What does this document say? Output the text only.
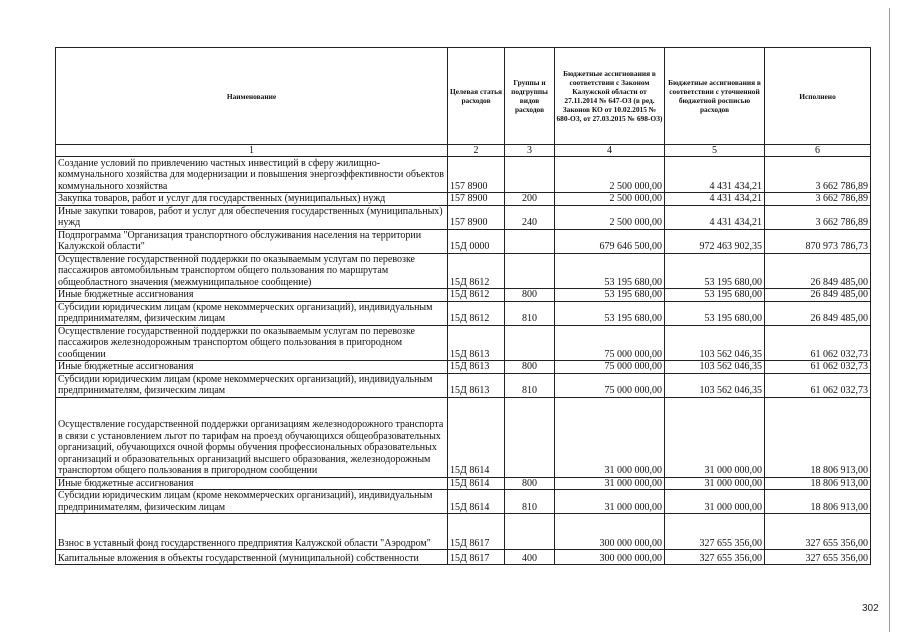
Наименование	Целевая статья расходов	Группы и подгруппы видов расходов	Бюджетные ассигнования в соответствии с Законом Калужской области от 27.11.2014 № 647-ОЗ (в ред. Законов КО от 10.02.2015 № 680-ОЗ, от 27.03.2015 № 698-ОЗ)	Бюджетные ассигнования в соответствии с уточненной бюджетной росписью расходов	Исполнено
1	2	3	4	5	6
Создание условий по привлечению частных инвестиций в сферу жилищно-коммунального хозяйства для модернизации и повышения энергоэффективности объектов коммунального хозяйства	157 8900		2 500 000,00	4 431 434,21	3 662 786,89
Закупка товаров, работ и услуг для государственных (муниципальных) нужд	157 8900	200	2 500 000,00	4 431 434,21	3 662 786,89
Иные закупки товаров, работ и услуг для обеспечения государственных (муниципальных) нужд	157 8900	240	2 500 000,00	4 431 434,21	3 662 786,89
Подпрограмма "Организация транспортного обслуживания населения на территории Калужской области"	15Д 0000		679 646 500,00	972 463 902,35	870 973 786,73
Осуществление государственной поддержки по оказываемым услугам по перевозке пассажиров автомобильным транспортом общего пользования по маршрутам общеобластного значения (межмуниципальное сообщение)	15Д 8612		53 195 680,00	53 195 680,00	26 849 485,00
Иные бюджетные ассигнования	15Д 8612	800	53 195 680,00	53 195 680,00	26 849 485,00
Субсидии юридическим лицам (кроме некоммерческих организаций), индивидуальным предпринимателям, физическим лицам	15Д 8612	810	53 195 680,00	53 195 680,00	26 849 485,00
Осуществление государственной поддержки по оказываемым услугам по перевозке пассажиров железнодорожным транспортом общего пользования в пригородном сообщении	15Д 8613		75 000 000,00	103 562 046,35	61 062 032,73
Иные бюджетные ассигнования	15Д 8613	800	75 000 000,00	103 562 046,35	61 062 032,73
Субсидии юридическим лицам (кроме некоммерческих организаций), индивидуальным предпринимателям, физическим лицам	15Д 8613	810	75 000 000,00	103 562 046,35	61 062 032,73
Осуществление государственной поддержки организациям железнодорожного транспорта в связи с установлением льгот по тарифам на проезд обучающихся общеобразовательных организаций, обучающихся очной формы обучения профессиональных образовательных организаций и образовательных организаций высшего образования, железнодорожным транспортом общего пользования в пригородном сообщении	15Д 8614		31 000 000,00	31 000 000,00	18 806 913,00
Иные бюджетные ассигнования	15Д 8614	800	31 000 000,00	31 000 000,00	18 806 913,00
Субсидии юридическим лицам (кроме некоммерческих организаций), индивидуальным предпринимателям, физическим лицам	15Д 8614	810	31 000 000,00	31 000 000,00	18 806 913,00
Взнос в уставный фонд государственного предприятия Калужской области "Аэродром"	15Д 8617		300 000 000,00	327 655 356,00	327 655 356,00
Капитальные вложения в объекты государственной (муниципальной) собственности	15Д 8617	400	300 000 000,00	327 655 356,00	327 655 356,00
302
